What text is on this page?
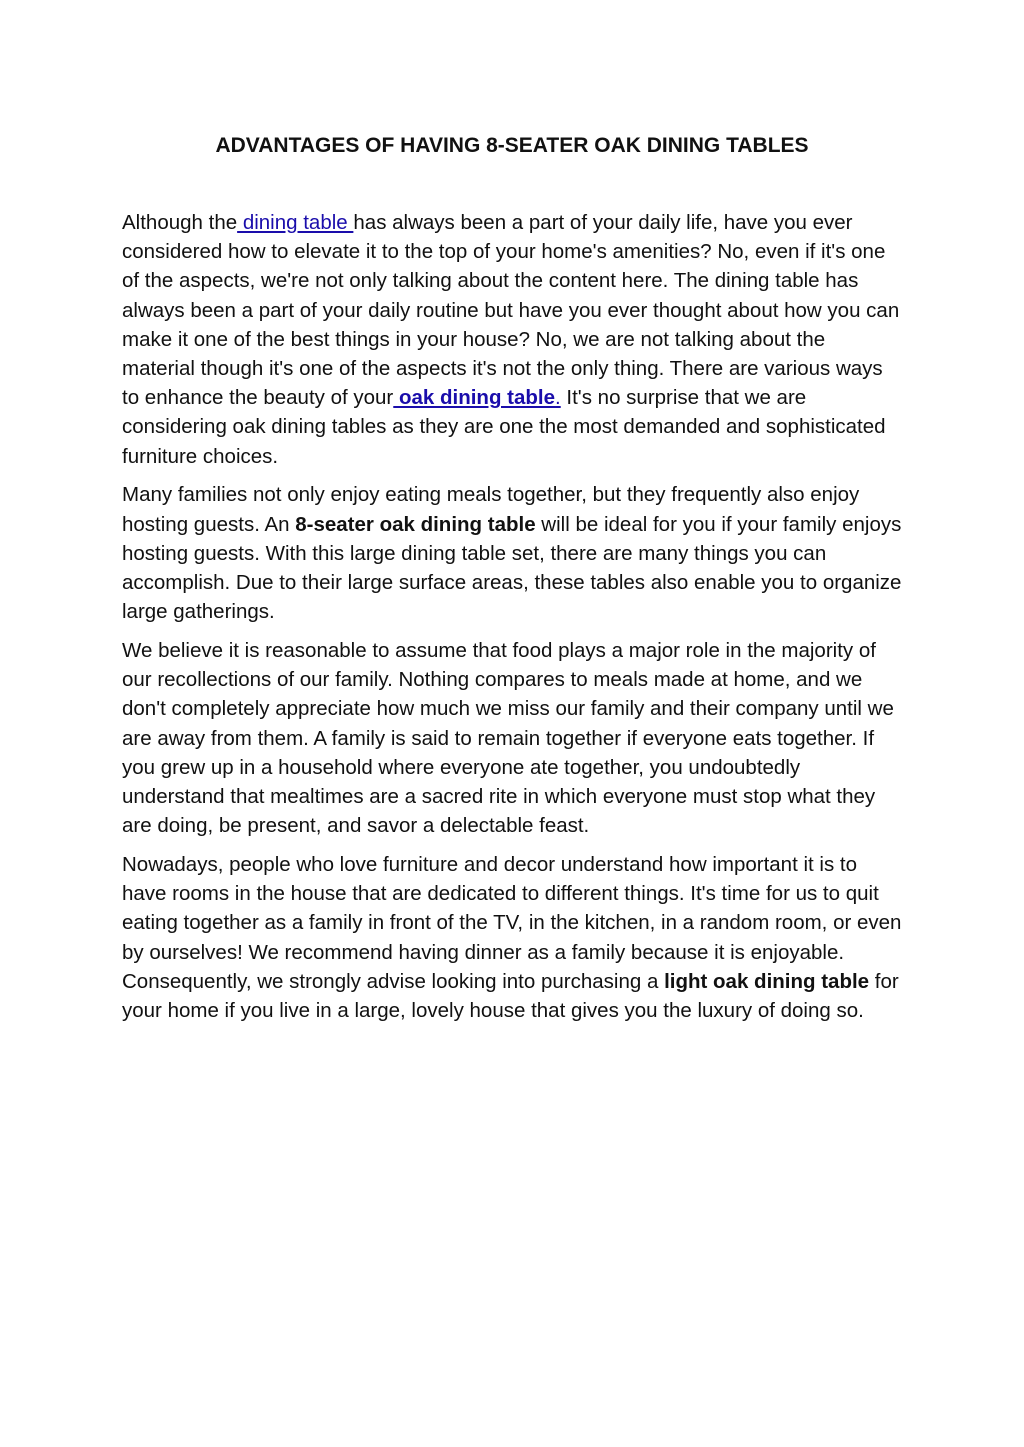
ADVANTAGES OF HAVING 8-SEATER OAK DINING TABLES

Although the dining table has always been a part of your daily life, have you ever considered how to elevate it to the top of your home's amenities? No, even if it's one of the aspects, we're not only talking about the content here. The dining table has always been a part of your daily routine but have you ever thought about how you can make it one of the best things in your house? No, we are not talking about the material though it's one of the aspects it's not the only thing. There are various ways to enhance the beauty of your oak dining table. It's no surprise that we are considering oak dining tables as they are one the most demanded and sophisticated furniture choices.

Many families not only enjoy eating meals together, but they frequently also enjoy hosting guests. An 8-seater oak dining table will be ideal for you if your family enjoys hosting guests. With this large dining table set, there are many things you can accomplish. Due to their large surface areas, these tables also enable you to organize large gatherings.

We believe it is reasonable to assume that food plays a major role in the majority of our recollections of our family. Nothing compares to meals made at home, and we don't completely appreciate how much we miss our family and their company until we are away from them. A family is said to remain together if everyone eats together. If you grew up in a household where everyone ate together, you undoubtedly understand that mealtimes are a sacred rite in which everyone must stop what they are doing, be present, and savor a delectable feast.

Nowadays, people who love furniture and decor understand how important it is to have rooms in the house that are dedicated to different things. It's time for us to quit eating together as a family in front of the TV, in the kitchen, in a random room, or even by ourselves! We recommend having dinner as a family because it is enjoyable. Consequently, we strongly advise looking into purchasing a light oak dining table for your home if you live in a large, lovely house that gives you the luxury of doing so.
